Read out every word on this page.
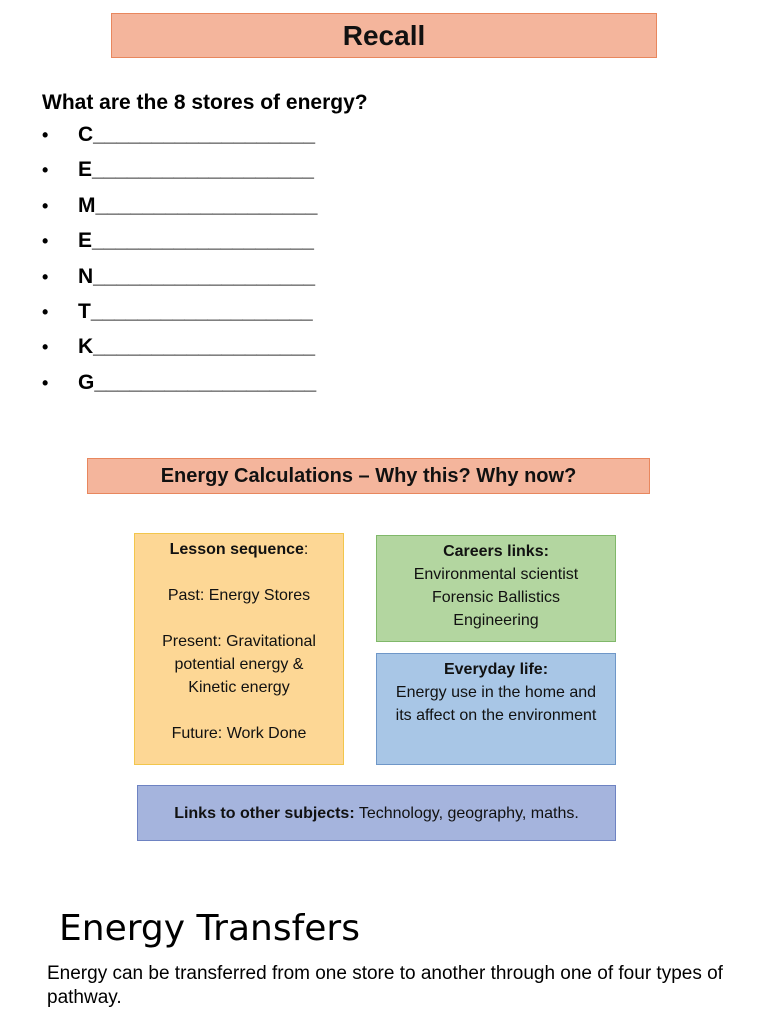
Recall

What are the 8 stores of energy?

•	C___________________
•	E___________________
•	M___________________
•	E___________________
•	N___________________
•	T___________________
•	K___________________
•	G___________________
Energy Calculations – Why this? Why now?

Lesson sequence:

Past: Energy Stores

Present: Gravitational

potential energy &

Kinetic energy

Future: Work Done

Careers links:

Environmental scientist

Forensic Ballistics

Engineering

Everyday life:

Energy use in the home and

its affect on the environment

Links to other subjects: Technology, geography, maths.

Energy Transfers

Energy can be transferred from one store to another through one of four types of pathway.
